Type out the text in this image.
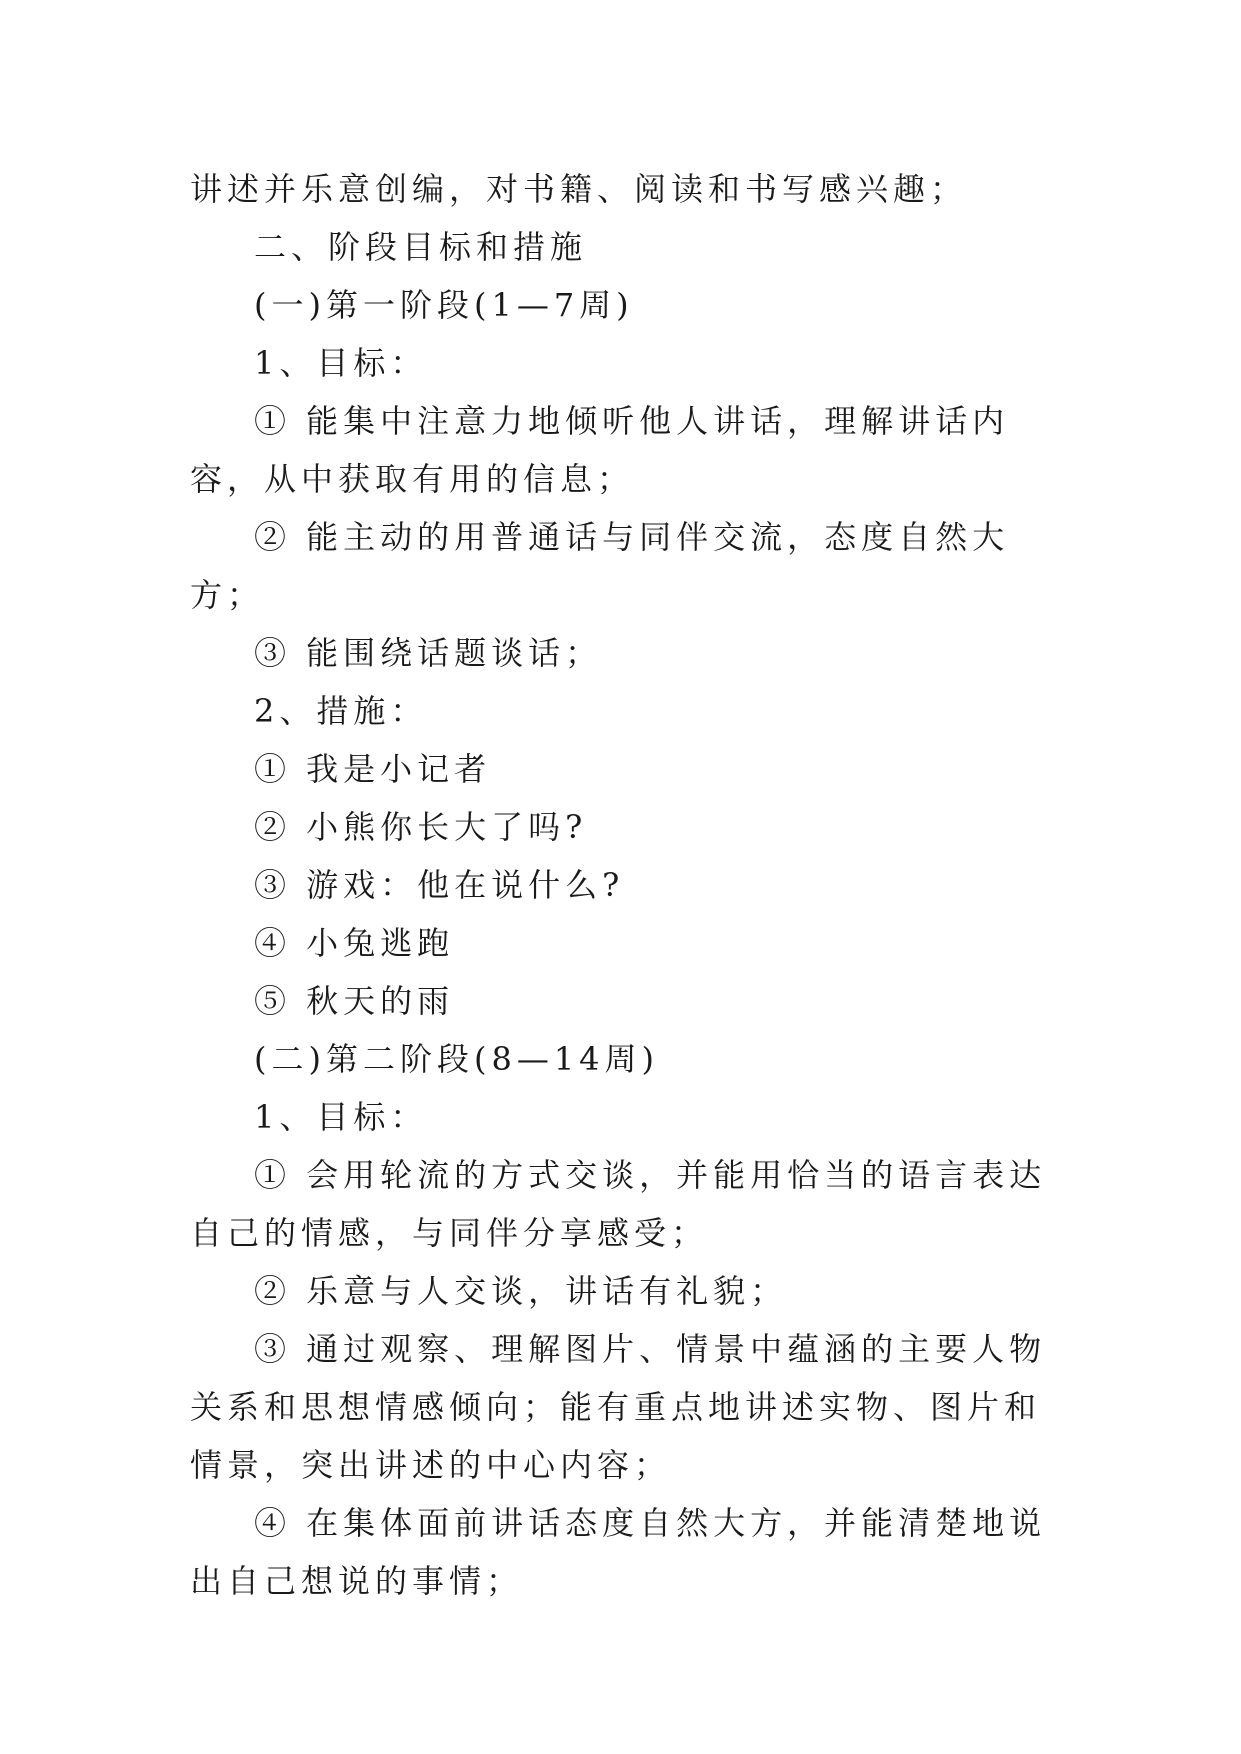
讲述并乐意创编，对书籍、阅读和书写感兴趣；

二、阶段目标和措施

(一)第一阶段(1—7周)

1、目标：

① 能集中注意力地倾听他人讲话，理解讲话内容，从中获取有用的信息；

② 能主动的用普通话与同伴交流，态度自然大方；

③ 能围绕话题谈话；

2、措施：

① 我是小记者

② 小熊你长大了吗?

③ 游戏：他在说什么?

④ 小兔逃跑

⑤ 秋天的雨

(二)第二阶段(8—14周)

1、目标：

① 会用轮流的方式交谈，并能用恰当的语言表达自己的情感，与同伴分享感受；

② 乐意与人交谈，讲话有礼貌；

③ 通过观察、理解图片、情景中蕴涵的主要人物关系和思想情感倾向；能有重点地讲述实物、图片和情景，突出讲述的中心内容；

④ 在集体面前讲话态度自然大方，并能清楚地说出自己想说的事情；
